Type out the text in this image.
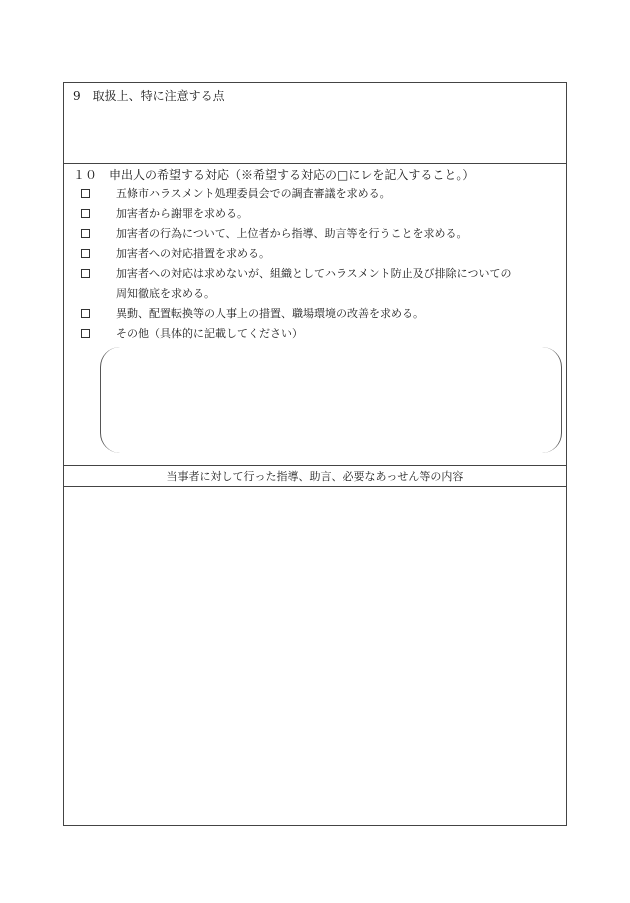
9　取扱上、特に注意する点
１０　申出人の希望する対応（※希望する対応の□にレを記入すること。）
五條市ハラスメント処理委員会での調査審議を求める。
加害者から謝罪を求める。
加害者の行為について、上位者から指導、助言等を行うことを求める。
加害者への対応措置を求める。
加害者への対応は求めないが、組織としてハラスメント防止及び排除についての
周知徹底を求める。
異動、配置転換等の人事上の措置、職場環境の改善を求める。
その他（具体的に記載してください）
当事者に対して行った指導、助言、必要なあっせん等の内容
